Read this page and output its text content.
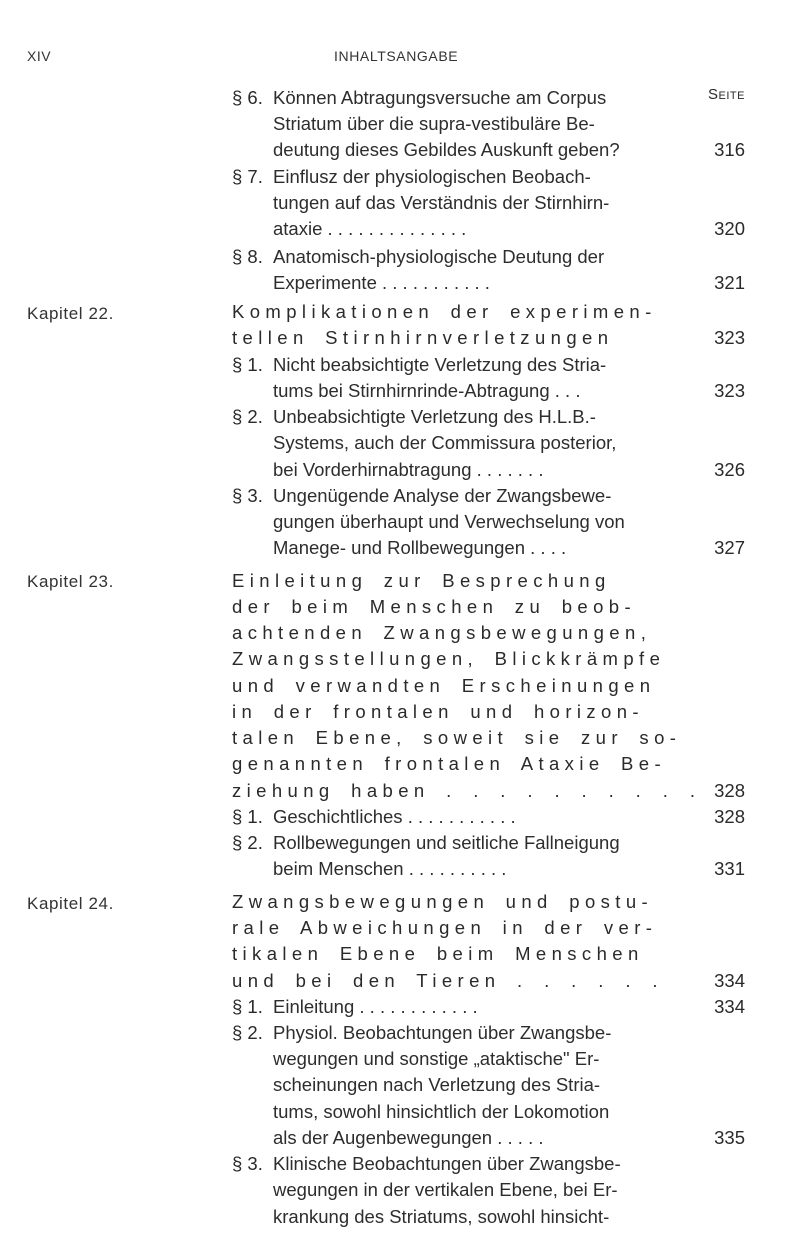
XIV	INHALTSANGABE
Seite
§ 6. Können Abtragungsversuche am Corpus
Striatum über die supra-vestibuläre Be-
deutung dieses Gebildes Auskunft geben?	316
§ 7. Einflusz der physiologischen Beobach-
tungen auf das Verständnis der Stirnhirn-
ataxie . . . . . . . . . . . . . .	320
§ 8. Anatomisch-physiologische Deutung der
Experimente . . . . . . . . . . .	321
Kapitel 22.	Komplikationen der experimen-
tellen Stirnhirnverletzungen	323
§ 1. Nicht beabsichtigte Verletzung des Stria-
tums bei Stirnhirnrinde-Abtragung . . .	323
§ 2. Unbeabsichtigte Verletzung des H.L.B.-
Systems, auch der Commissura posterior,
bei Vorderhirnabtragung . . . . . . .	326
§ 3. Ungenügende Analyse der Zwangsbewe-
gungen überhaupt und Verwechselung von
Manege- und Rollbewegungen . . . .	327
Kapitel 23.	Einleitung zur Besprechung
der beim Menschen zu beob-
achtenden Zwangsbewegungen,
Zwangsstellungen, Blickkrämpfe
und verwandten Erscheinungen
in der frontalen und horizon-
talen Ebene, soweit sie zur so-
genannten frontalen Ataxie Be-
ziehung haben . . . . . . . . . . 328
§ 1. Geschichtliches . . . . . . . . . . .	328
§ 2. Rollbewegungen und seitliche Fallneigung
beim Menschen . . . . . . . . . .	331
Kapitel 24.	Zwangsbewegungen und postu-
rale Abweichungen in der ver-
tikalen Ebene beim Menschen
und bei den Tieren . . . . . .	334
§ 1. Einleitung . . . . . . . . . . . .	334
§ 2. Physiol. Beobachtungen über Zwangsbe-
wegungen und sonstige „ataktische" Er-
scheinungen nach Verletzung des Stria-
tums, sowohl hinsichtlich der Lokomotion
als der Augenbewegungen . . . . .	335
§ 3. Klinische Beobachtungen über Zwangsbe-
wegungen in der vertikalen Ebene, bei Er-
krankung des Striatums, sowohl hinsicht-
